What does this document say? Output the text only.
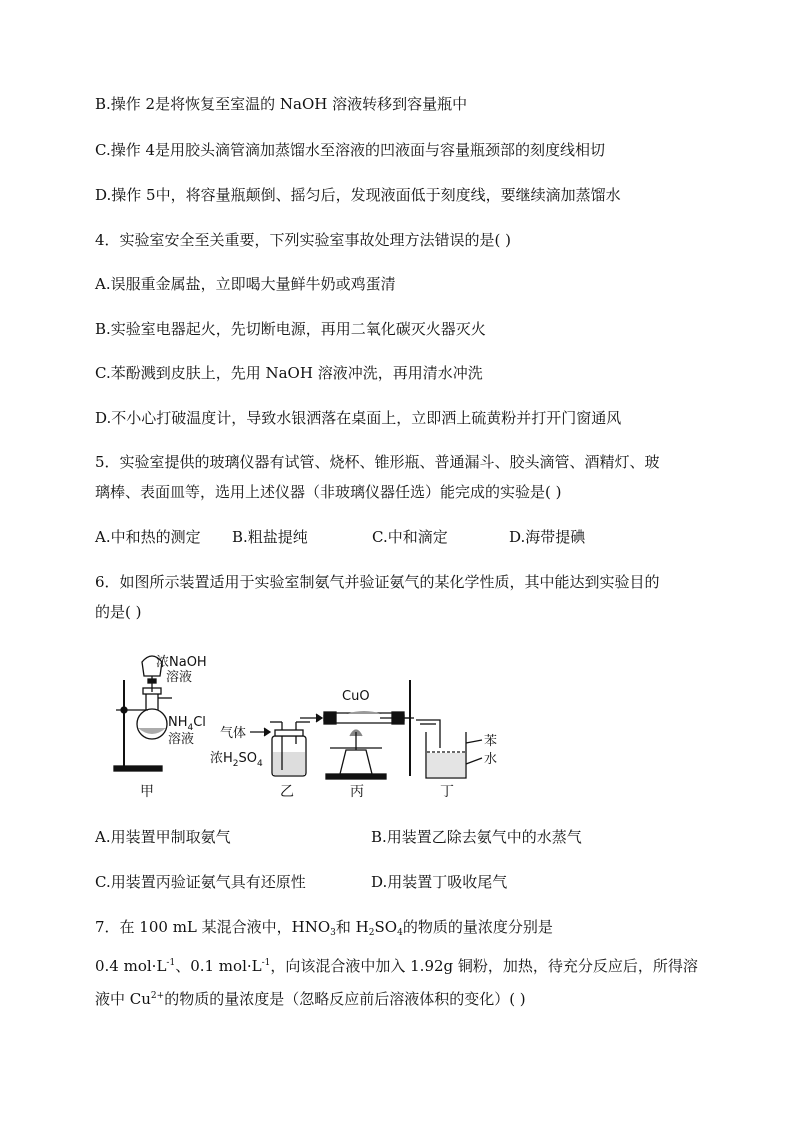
B.操作 2是将恢复至室温的 NaOH 溶液转移到容量瓶中
C.操作 4是用胶头滴管滴加蒸馏水至溶液的凹液面与容量瓶颈部的刻度线相切
D.操作 5中，将容量瓶颠倒、摇匀后，发现液面低于刻度线，要继续滴加蒸馏水
4．实验室安全至关重要，下列实验室事故处理方法错误的是( )
A.误服重金属盐，立即喝大量鲜牛奶或鸡蛋清
B.实验室电器起火，先切断电源，再用二氧化碳灭火器灭火
C.苯酚溅到皮肤上，先用 NaOH 溶液冲洗，再用清水冲洗
D.不小心打破温度计，导致水银洒落在桌面上，立即洒上硫黄粉并打开门窗通风
5．实验室提供的玻璃仪器有试管、烧杯、锥形瓶、普通漏斗、胶头滴管、酒精灯、玻
璃棒、表面皿等，选用上述仪器（非玻璃仪器任选）能完成的实验是( )
A.中和热的测定 B.粗盐提纯	C.中和滴定	D.海带提碘
6．如图所示装置适用于实验室制氨气并验证氨气的某化学性质，其中能达到实验目的
的是( )
浓NaOH
溶液
$NH_4Cl$
溶液
甲
气体
浓$H_2SO_4$
乙
CuO
丙
苯
水
丁
A.用装置甲制取氨气	B.用装置乙除去氨气中的水蒸气
C.用装置丙验证氨气具有还原性	D.用装置丁吸收尾气
7．在 100 mL 某混合液中，$HNO_3$和 $H_2SO_4$的物质的量浓度分别是
0.4 $mol\cdot L^{-1}$、0.1 $mol\cdot L^{-1}$，向该混合液中加入 1.92g 铜粉，加热，待充分反应后，所得溶
液中 $Cu^{2+}$的物质的量浓度是（忽略反应前后溶液体积的变化）( )
